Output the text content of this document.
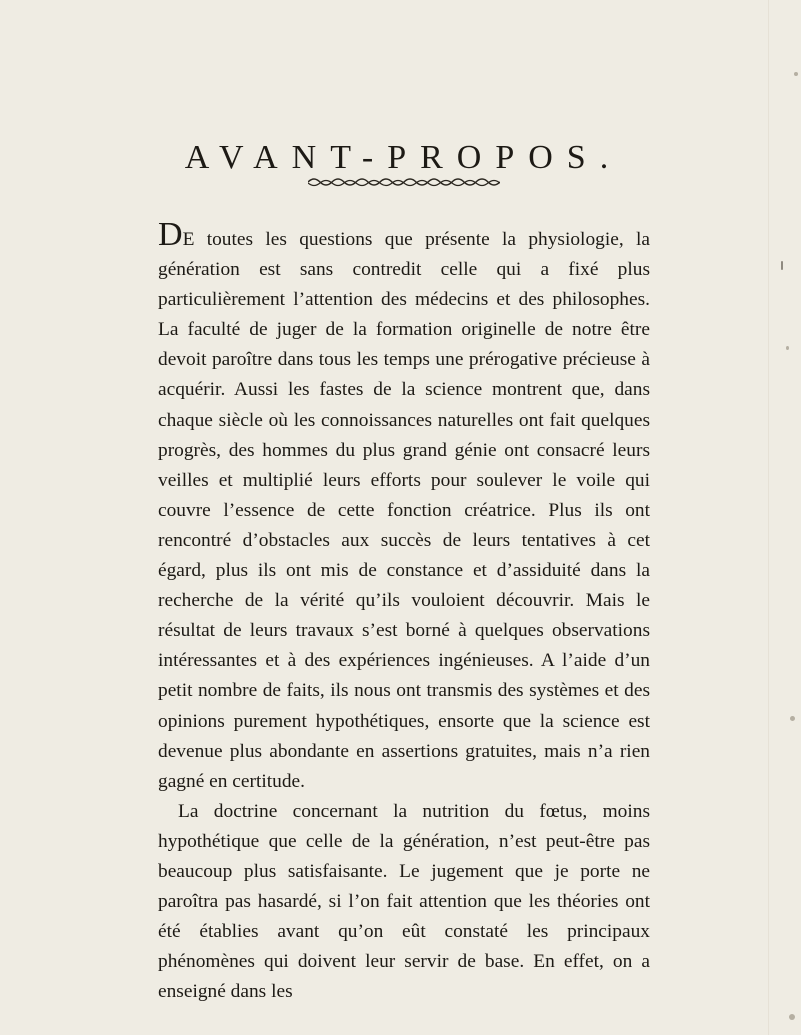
AVANT-PROPOS.

DE toutes les questions que présente la physiologie, la génération est sans contredit celle qui a fixé plus particulièrement l’attention des médecins et des philosophes. La faculté de juger de la formation originelle de notre être devoit paroître dans tous les temps une prérogative précieuse à acquérir. Aussi les fastes de la science montrent que, dans chaque siècle où les connoissances naturelles ont fait quelques progrès, des hommes du plus grand génie ont consacré leurs veilles et multiplié leurs efforts pour soulever le voile qui couvre l’essence de cette fonction créatrice. Plus ils ont rencontré d’obstacles aux succès de leurs tentatives à cet égard, plus ils ont mis de constance et d’assiduité dans la recherche de la vérité qu’ils vouloient découvrir. Mais le résultat de leurs travaux s’est borné à quelques observations intéressantes et à des expériences ingénieuses. A l’aide d’un petit nombre de faits, ils nous ont transmis des systèmes et des opinions purement hypothétiques, ensorte que la science est devenue plus abondante en assertions gratuites, mais n’a rien gagné en certitude.

La doctrine concernant la nutrition du fœtus, moins hypothétique que celle de la génération, n’est peut-être pas beaucoup plus satisfaisante. Le jugement que je porte ne paroîtra pas hasardé, si l’on fait attention que les théories ont été établies avant qu’on eût constaté les principaux phénomènes qui doivent leur servir de base. En effet, on a enseigné dans les
